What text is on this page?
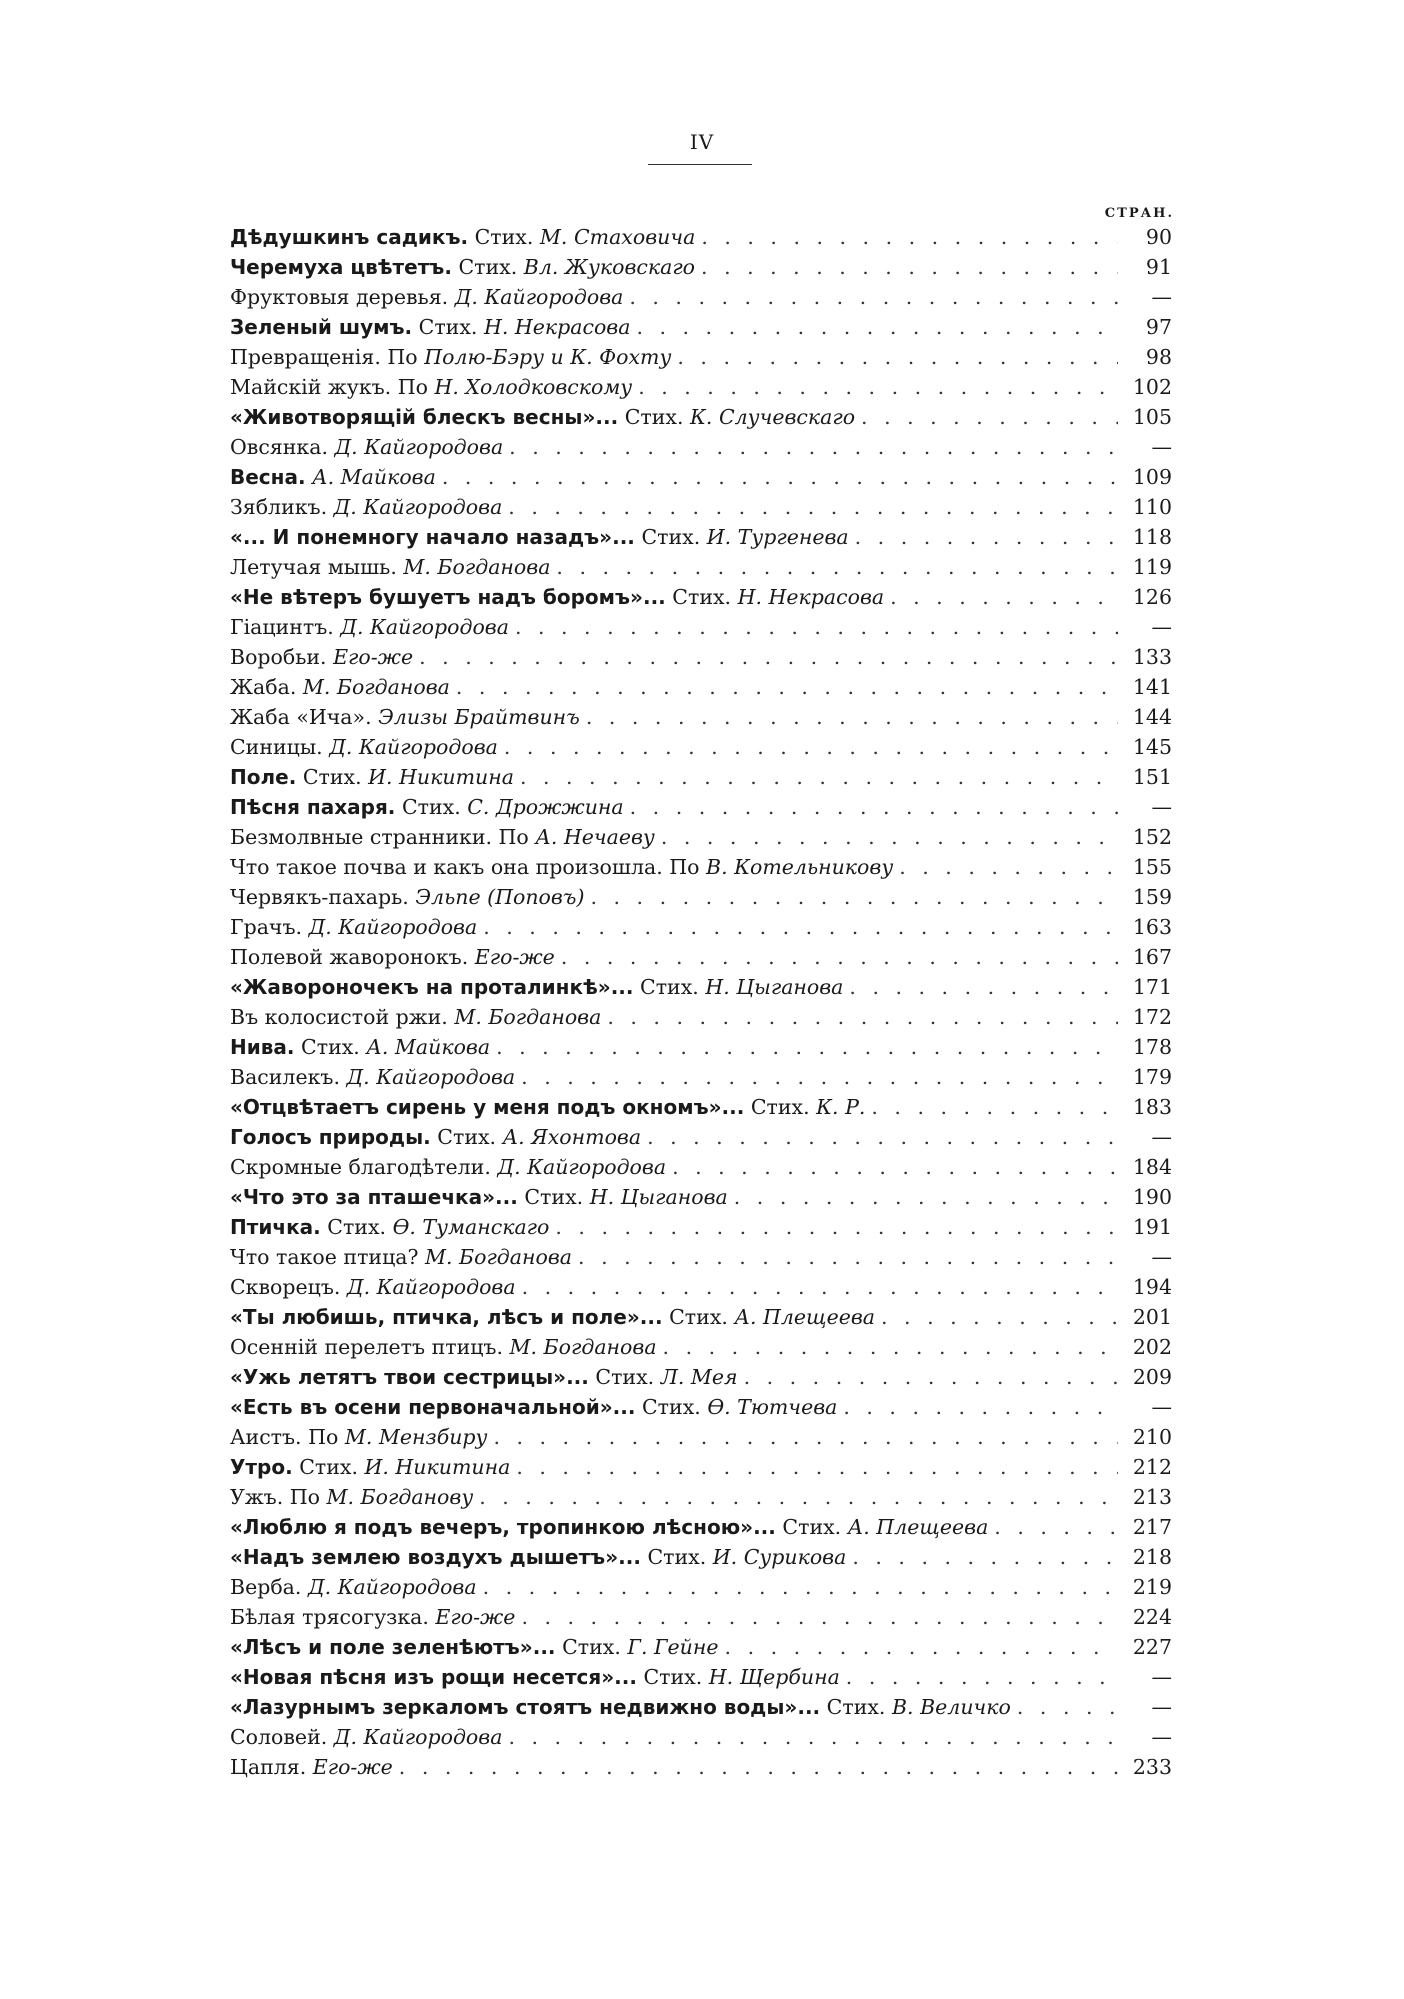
IV
СТРАН.
Дѣдушкинъ садикъ. Стих. М. Стаховича . . .	90
Черемуха цвѣтетъ. Стих. Вл. Жуковскаго . . .	91
Фруктовыя деревья. Д. Кайгородова . . .	—
Зеленый шумъ. Стих. Н. Некрасова . . .	97
Превращенія. По Полю-Бэру и К. Фохту . . .	98
Майскій жукъ. По Н. Холодковскому . . .	102
«Животворящій блескъ весны»... Стих. К. Случевскаго . . .	105
Овсянка. Д. Кайгородова . . .	—
Весна. А. Майкова . . .	109
Зябликъ. Д. Кайгородова . . .	110
«... И понемногу начало назадъ»... Стих. И. Тургенева . . .	118
Летучая мышь. М. Богданова . . .	119
«Не вѣтеръ бушуетъ надъ боромъ»... Стих. Н. Некрасова . . .	126
Гіацинтъ. Д. Кайгородова . . .	—
Воробьи. Его-же . . .	133
Жаба. М. Богданова . . .	141
Жаба «Ича». Элизы Брайтвинъ . . .	144
Синицы. Д. Кайгородова . . .	145
Поле. Стих. И. Никитина . . .	151
Пѣсня пахаря. Стих. С. Дрожжина . . .	—
Безмолвные странники. По А. Нечаеву . . .	152
Что такое почва и какъ она произошла. По В. Котельникову . . .	155
Червякъ-пахарь. Эльпе (Поповъ) . . .	159
Грачъ. Д. Кайгородова . . .	163
Полевой жаворонокъ. Его-же . . .	167
«Жавороночекъ на проталинкѣ»... Стих. Н. Цыганова . . .	171
Въ колосистой ржи. М. Богданова . . .	172
Нива. Стих. А. Майкова . . .	178
Василекъ. Д. Кайгородова . . .	179
«Отцвѣтаетъ сирень у меня подъ окномъ»... Стих. К. Р. . . .	183
Голосъ природы. Стих. А. Яхонтова . . .	—
Скромные благодѣтели. Д. Кайгородова . . .	184
«Что это за пташечка»... Стих. Н. Цыганова . . .	190
Птичка. Стих. Ѳ. Туманскаго . . .	191
Что такое птица? М. Богданова . . .	—
Скворецъ. Д. Кайгородова . . .	194
«Ты любишь, птичка, лѣсъ и поле»... Стих. А. Плещеева . . .	201
Осенній перелетъ птицъ. М. Богданова . . .	202
«Ужь летятъ твои сестрицы»... Стих. Л. Мея . . .	209
«Есть въ осени первоначальной»... Стих. Ѳ. Тютчева . . .	—
Аистъ. По М. Мензбиру . . .	210
Утро. Стих. И. Никитина . . .	212
Ужъ. По М. Богданову . . .	213
«Люблю я подъ вечеръ, тропинкою лѣсною»... Стих. А. Плещеева . . .	217
«Надъ землею воздухъ дышетъ»... Стих. И. Сурикова . . .	218
Верба. Д. Кайгородова . . .	219
Бѣлая трясогузка. Его-же . . .	224
«Лѣсъ и поле зеленѣютъ»... Стих. Г. Гейне . . .	227
«Новая пѣсня изъ рощи несется»... Стих. Н. Щербина . . .	—
«Лазурнымъ зеркаломъ стоятъ недвижно воды»... Стих. В. Величко . . .	—
Соловей. Д. Кайгородова . . .	—
Цапля. Его-же . . .	233
